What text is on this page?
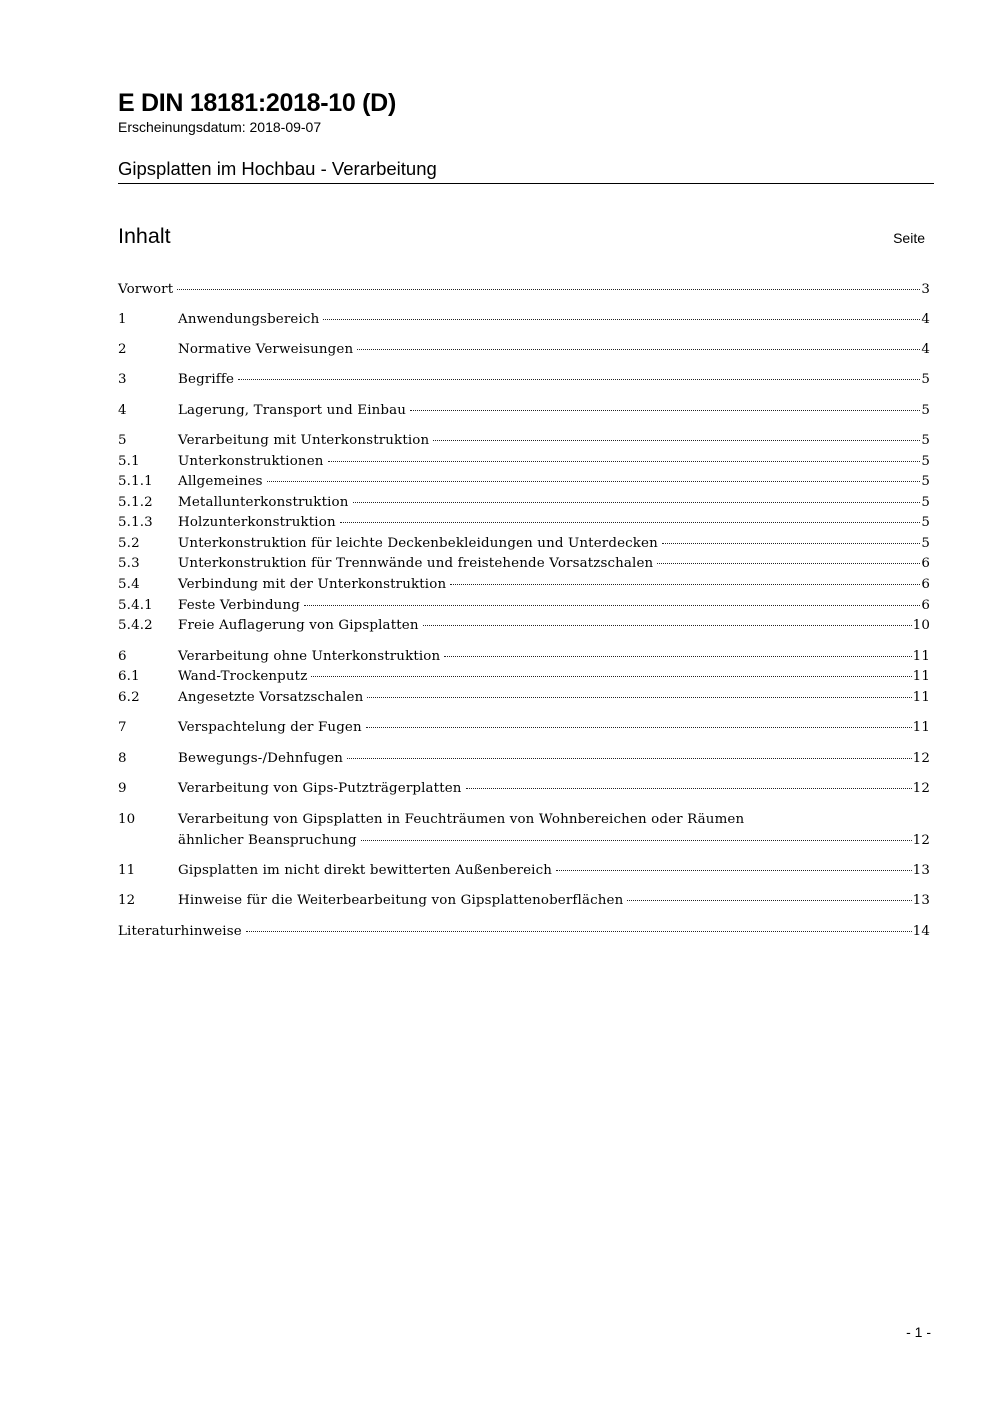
E DIN 18181:2018-10 (D)
Erscheinungsdatum: 2018-09-07
Gipsplatten im Hochbau - Verarbeitung
Inhalt	Seite
Vorwort	3
1	Anwendungsbereich	4
2	Normative Verweisungen	4
3	Begriffe	5
4	Lagerung, Transport und Einbau	5
5	Verarbeitung mit Unterkonstruktion	5
5.1	Unterkonstruktionen	5
5.1.1 Allgemeines	5
5.1.2 Metallunterkonstruktion	5
5.1.3 Holzunterkonstruktion	5
5.2	Unterkonstruktion für leichte Deckenbekleidungen und Unterdecken	5
5.3	Unterkonstruktion für Trennwände und freistehende Vorsatzschalen	6
5.4	Verbindung mit der Unterkonstruktion	6
5.4.1 Feste Verbindung	6
5.4.2 Freie Auflagerung von Gipsplatten	10
6	Verarbeitung ohne Unterkonstruktion	11
6.1	Wand-Trockenputz	11
6.2	Angesetzte Vorsatzschalen	11
7	Verspachtelung der Fugen	11
8	Bewegungs-/Dehnfugen	12
9	Verarbeitung von Gips-Putzträgerplatten	12
10	Verarbeitung von Gipsplatten in Feuchträumen von Wohnbereichen oder Räumen
ähnlicher Beanspruchung	12
11	Gipsplatten im nicht direkt bewitterten Außenbereich	13
12	Hinweise für die Weiterbearbeitung von Gipsplattenoberflächen	13
Literaturhinweise	14
- 1 -
